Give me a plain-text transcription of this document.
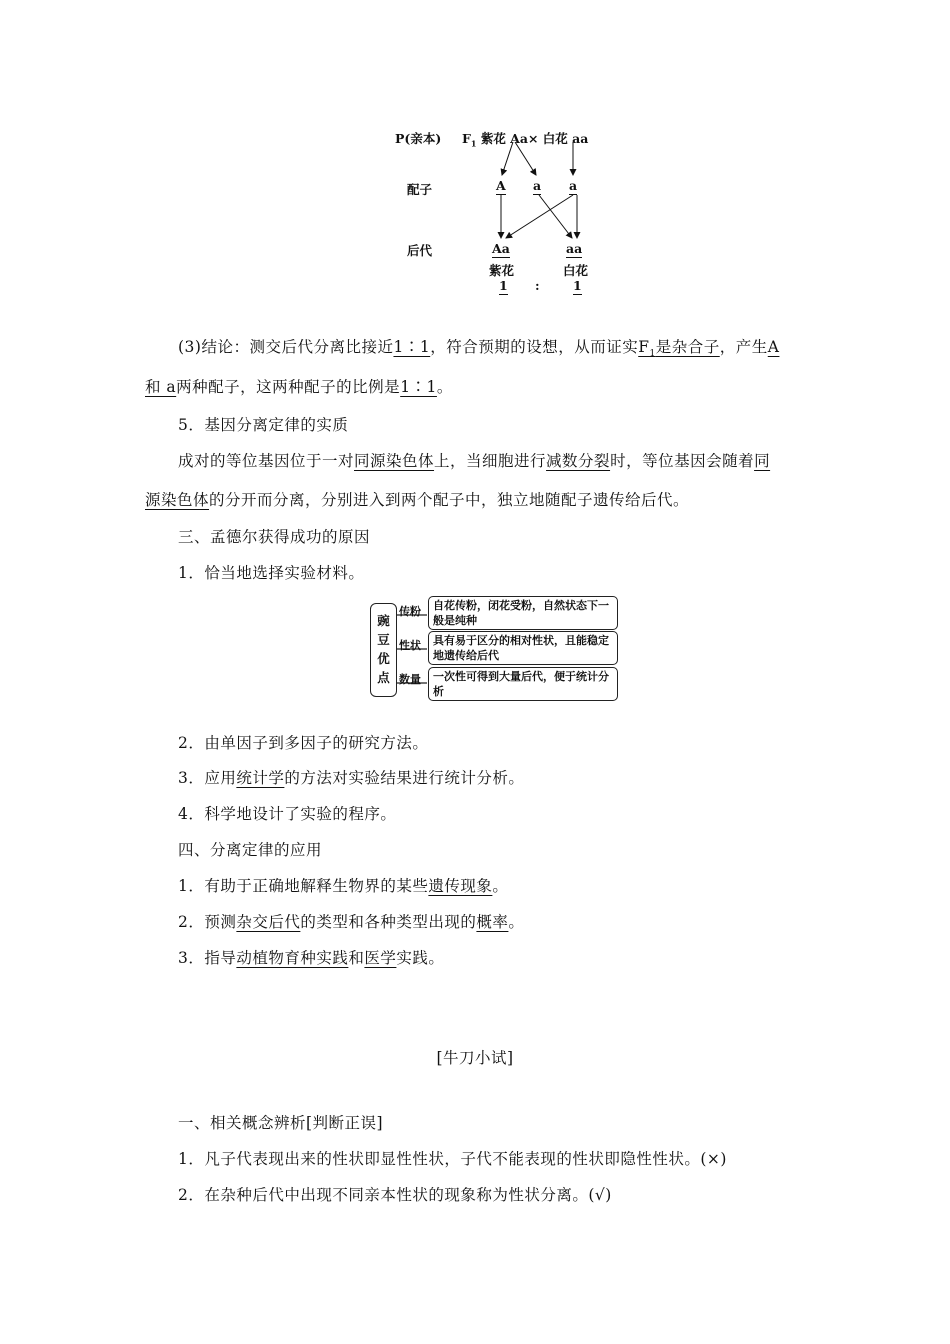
P(亲本) $F_1$ 紫花 Aa× 白花 aa
配子	A a a
后代	Aa	aa
紫花	白花
1 :	1
(3)结论：测交后代分离比接近1∶1，符合预期的设想，从而证实$F_1$是杂合子，产生A
和 a两种配子，这两种配子的比例是1∶1。
5．基因分离定律的实质
成对的等位基因位于一对同源染色体上，当细胞进行减数分裂时，等位基因会随着同
源染色体的分开而分离，分别进入到两个配子中，独立地随配子遗传给后代。
三、孟德尔获得成功的原因
1．恰当地选择实验材料。
豌
豆
优
点
传粉
性状
数量
自花传粉，闭花受粉，自然状态下一
般是纯种
具有易于区分的相对性状，且能稳定
地遗传给后代
一次性可得到大量后代，便于统计分
析
2．由单因子到多因子的研究方法。
3．应用统计学的方法对实验结果进行统计分析。
4．科学地设计了实验的程序。
四、分离定律的应用
1．有助于正确地解释生物界的某些遗传现象。
2．预测杂交后代的类型和各种类型出现的概率。
3．指导动植物育种实践和医学实践。
[牛刀小试]
一、相关概念辨析[判断正误]
1．凡子代表现出来的性状即显性性状，子代不能表现的性状即隐性性状。(×)
2．在杂种后代中出现不同亲本性状的现象称为性状分离。(√)
